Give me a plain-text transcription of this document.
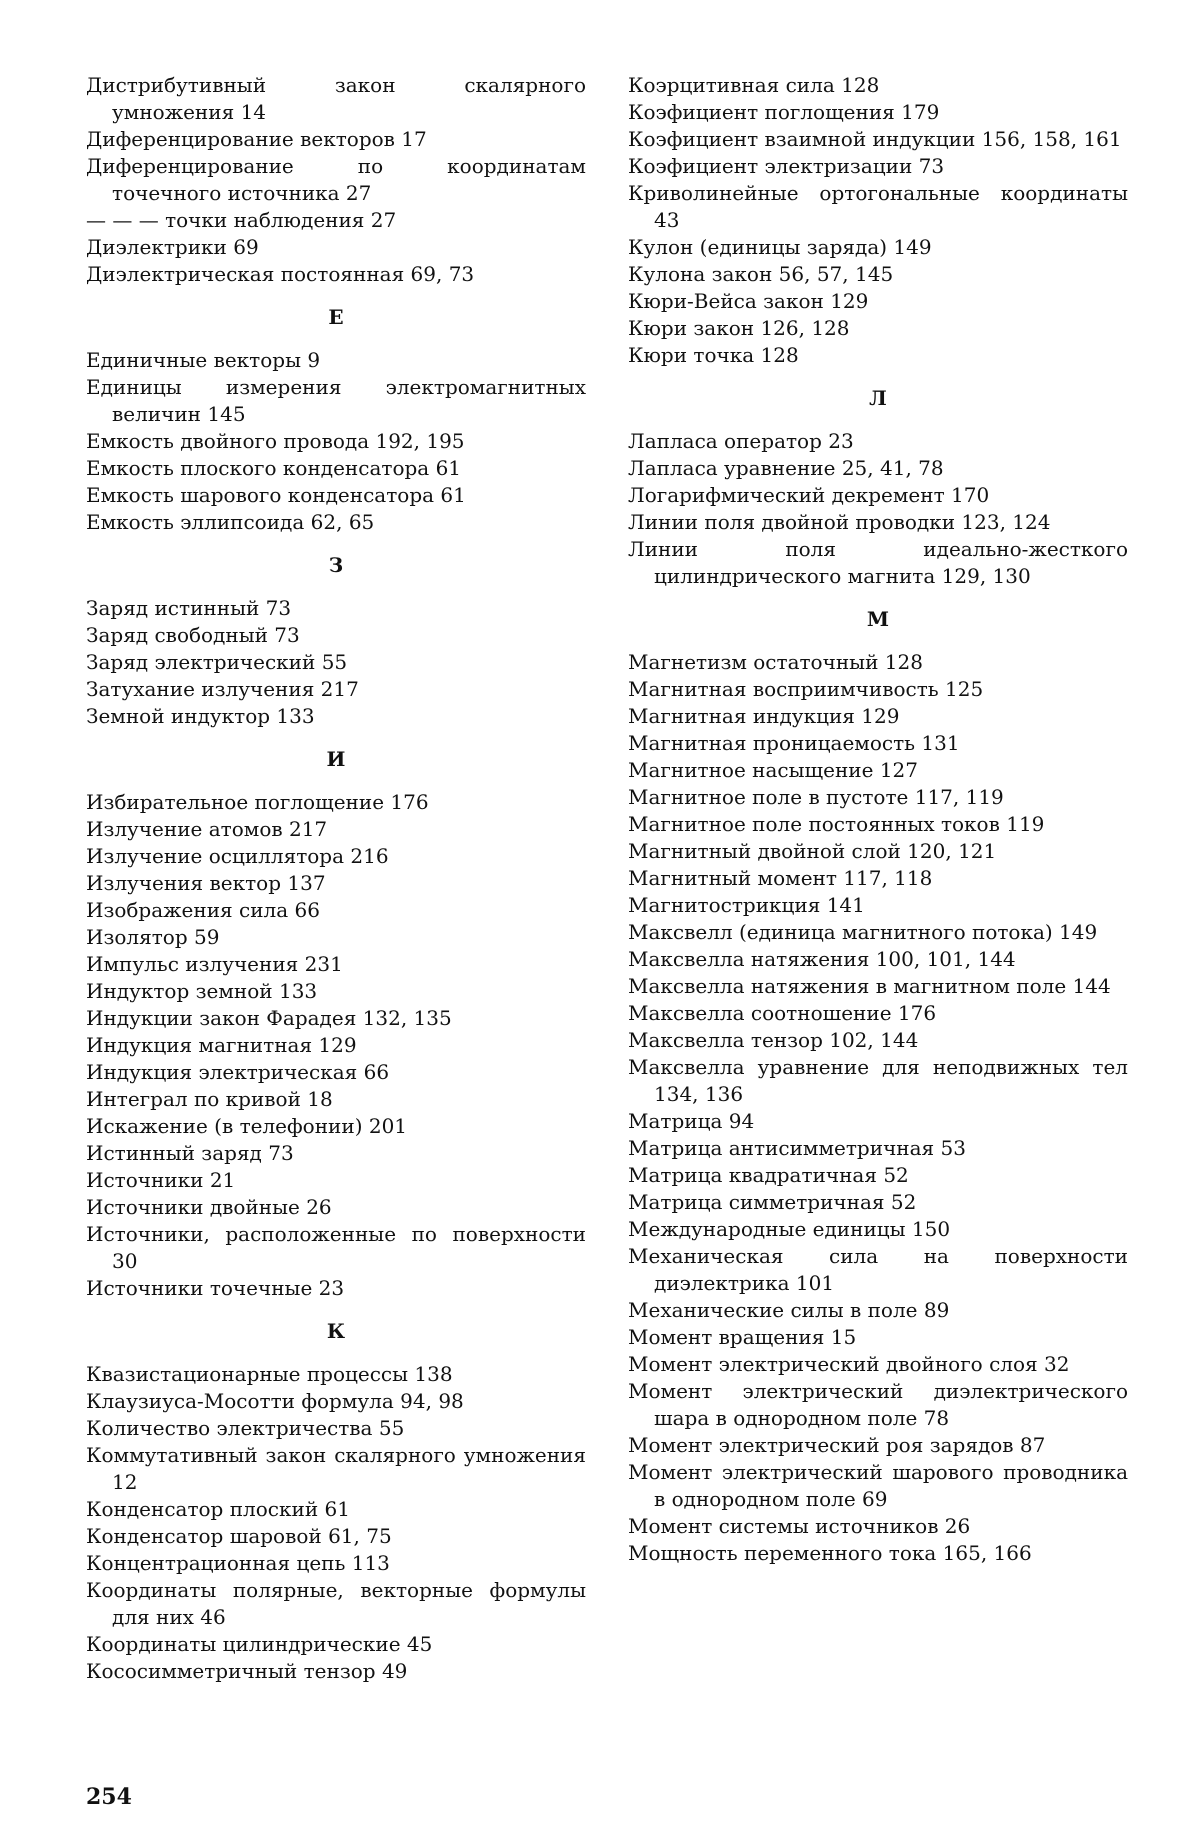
Дистрибутивный закон скалярного умножения 14
Диференцирование векторов 17
Диференцирование по координатам точечного источника 27
— — — точки наблюдения 27
Диэлектрики 69
Диэлектрическая постоянная 69, 73
Е
Единичные векторы 9
Единицы измерения электромагнитных величин 145
Емкость двойного провода 192, 195
Емкость плоского конденсатора 61
Емкость шарового конденсатора 61
Емкость эллипсоида 62, 65
З
Заряд истинный 73
Заряд свободный 73
Заряд электрический 55
Затухание излучения 217
Земной индуктор 133
И
Избирательное поглощение 176
Излучение атомов 217
Излучение осциллятора 216
Излучения вектор 137
Изображения сила 66
Изолятор 59
Импульс излучения 231
Индуктор земной 133
Индукции закон Фарадея 132, 135
Индукция магнитная 129
Индукция электрическая 66
Интеграл по кривой 18
Искажение (в телефонии) 201
Истинный заряд 73
Источники 21
Источники двойные 26
Источники, расположенные по поверхности 30
Источники точечные 23
К
Квазистационарные процессы 138
Клаузиуса-Мосотти формула 94, 98
Количество электричества 55
Коммутативный закон скалярного умножения 12
Конденсатор плоский 61
Конденсатор шаровой 61, 75
Концентрационная цепь 113
Координаты полярные, векторные формулы для них 46
Координаты цилиндрические 45
Кососимметричный тензор 49
Коэрцитивная сила 128
Коэфициент поглощения 179
Коэфициент взаимной индукции 156, 158, 161
Коэфициент электризации 73
Криволинейные ортогональные координаты 43
Кулон (единицы заряда) 149
Кулона закон 56, 57, 145
Кюри-Вейса закон 129
Кюри закон 126, 128
Кюри точка 128
Л
Лапласа оператор 23
Лапласа уравнение 25, 41, 78
Логарифмический декремент 170
Линии поля двойной проводки 123, 124
Линии поля идеально-жесткого цилиндрического магнита 129, 130
М
Магнетизм остаточный 128
Магнитная восприимчивость 125
Магнитная индукция 129
Магнитная проницаемость 131
Магнитное насыщение 127
Магнитное поле в пустоте 117, 119
Магнитное поле постоянных токов 119
Магнитный двойной слой 120, 121
Магнитный момент 117, 118
Магнитострикция 141
Максвелл (единица магнитного потока) 149
Максвелла натяжения 100, 101, 144
Максвелла натяжения в магнитном поле 144
Максвелла соотношение 176
Максвелла тензор 102, 144
Максвелла уравнение для неподвижных тел 134, 136
Матрица 94
Матрица антисимметричная 53
Матрица квадратичная 52
Матрица симметричная 52
Международные единицы 150
Механическая сила на поверхности диэлектрика 101
Механические силы в поле 89
Момент вращения 15
Момент электрический двойного слоя 32
Момент электрический диэлектрического шара в однородном поле 78
Момент электрический роя зарядов 87
Момент электрический шарового проводника в однородном поле 69
Момент системы источников 26
Мощность переменного тока 165, 166
254
